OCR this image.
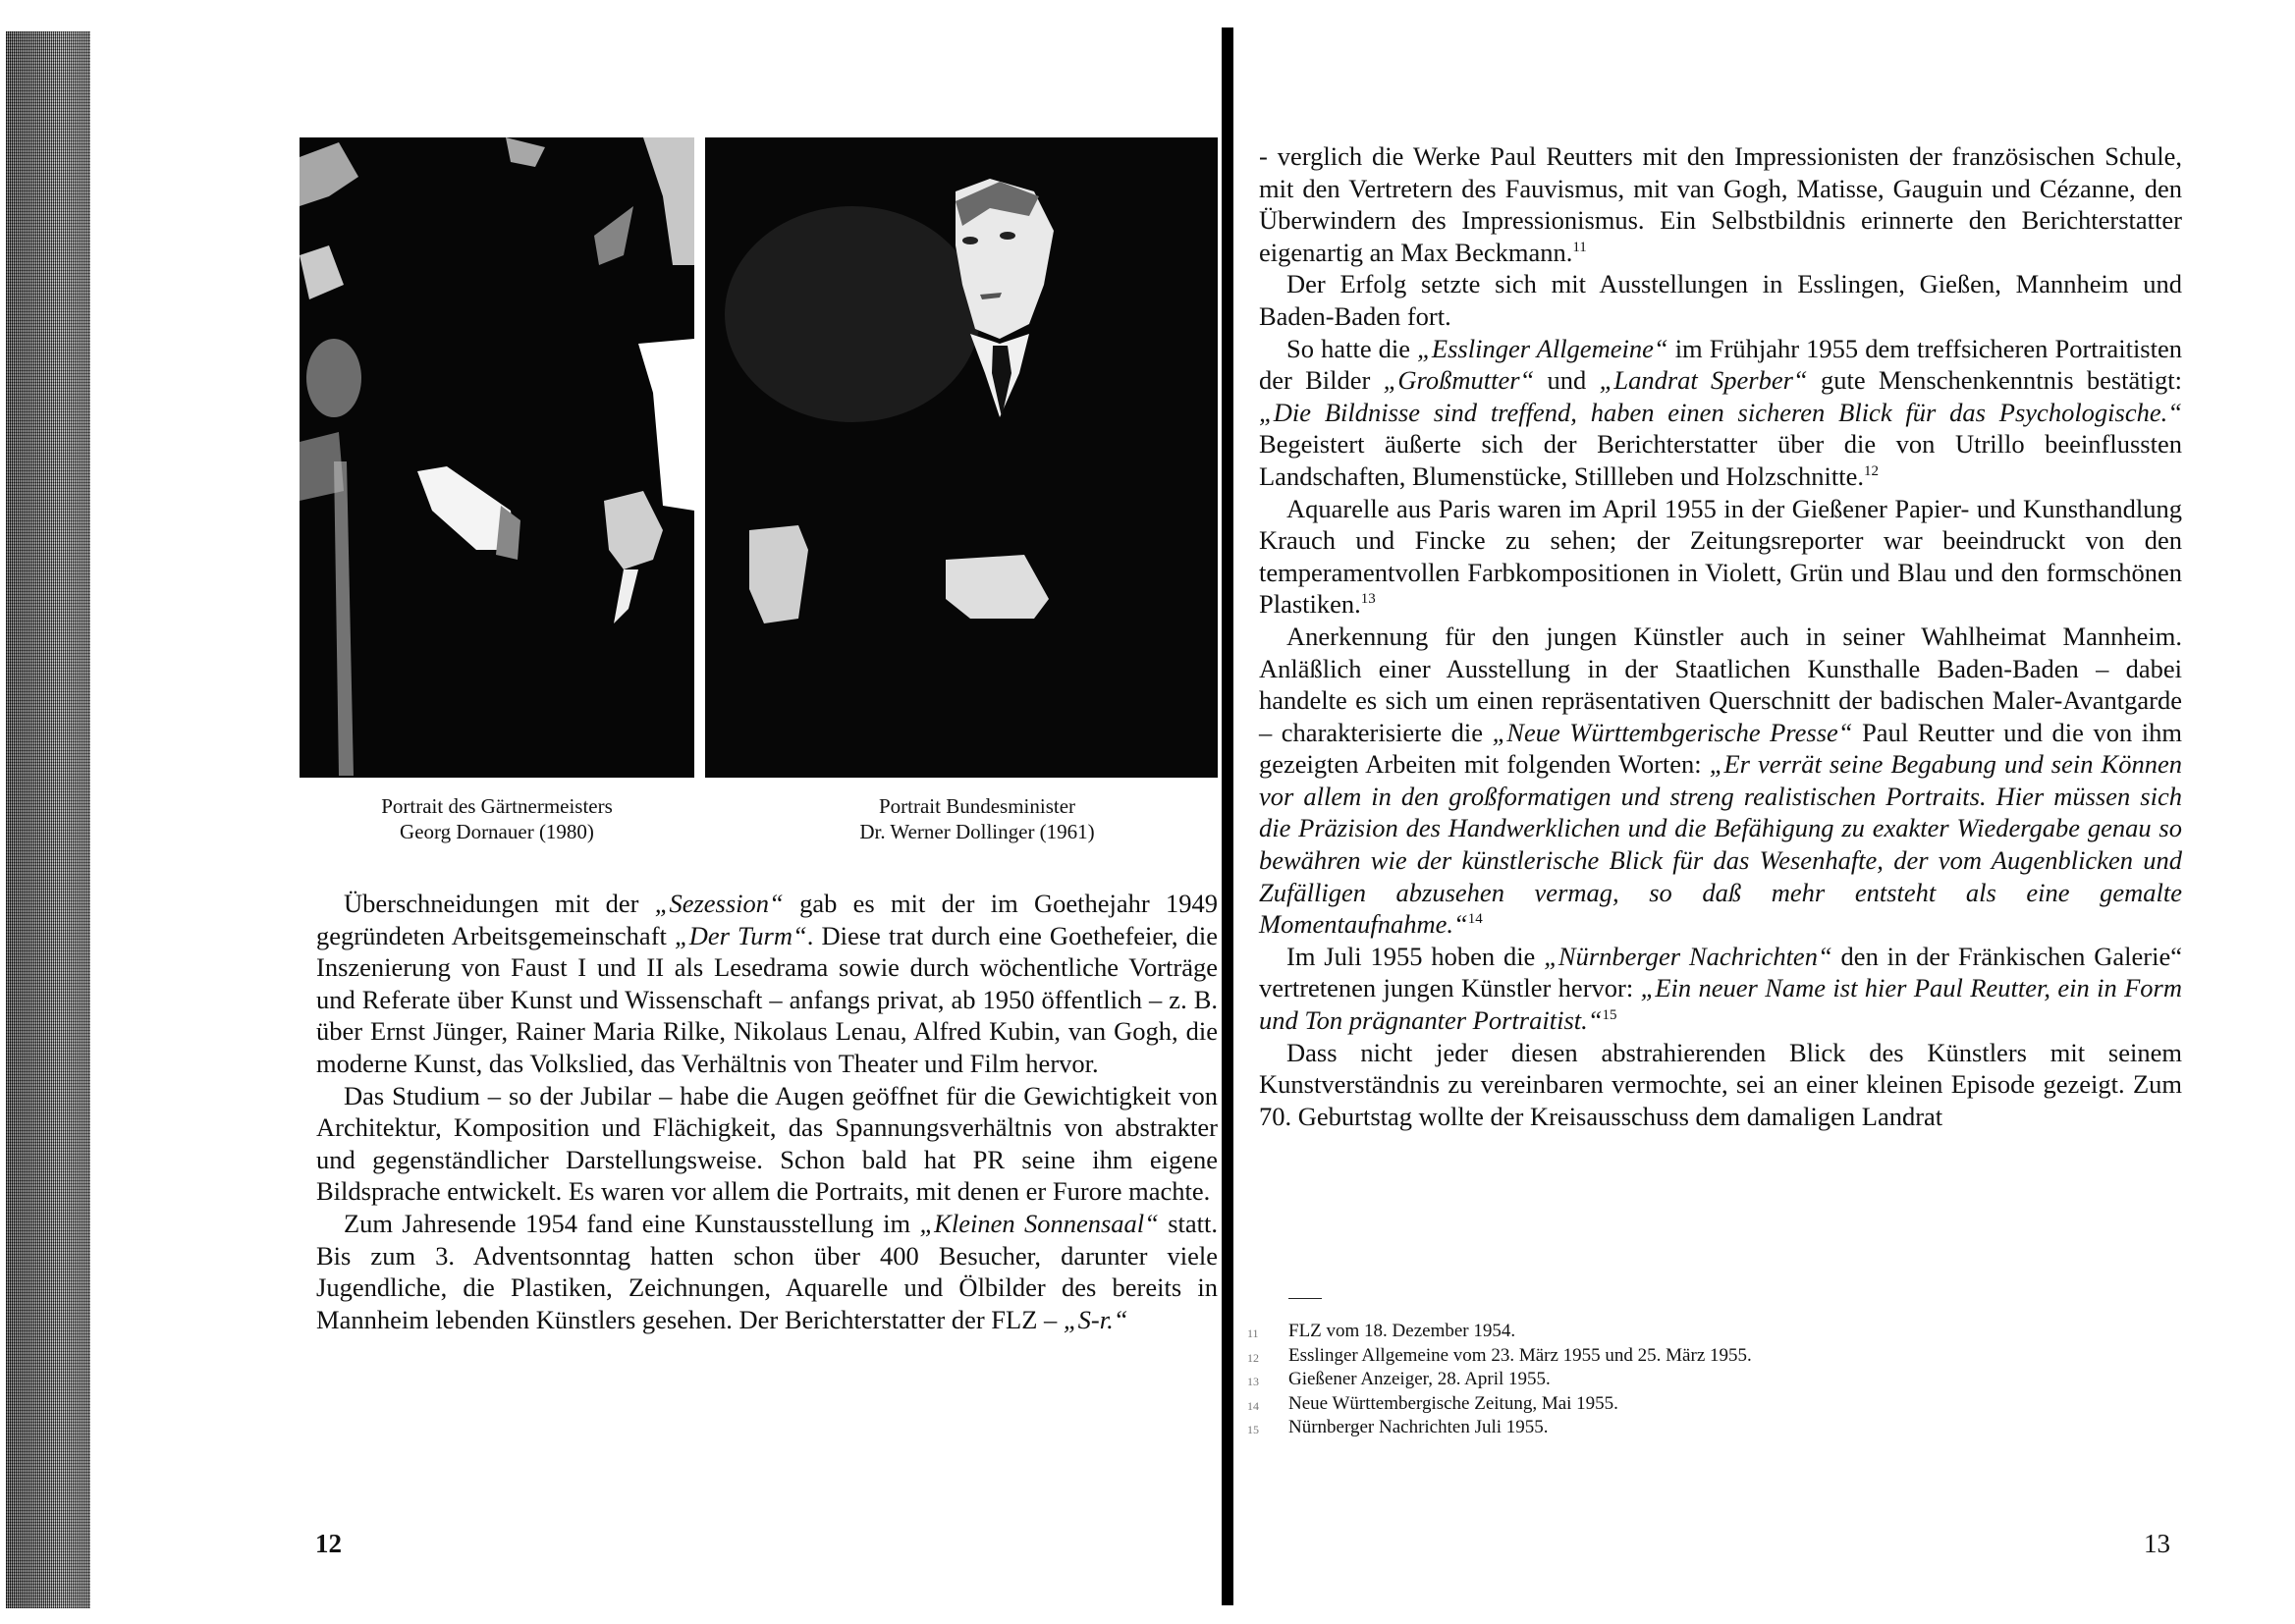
Portrait des Gärtnermeisters
Georg Dornauer (1980)
Portrait Bundesminister
Dr. Werner Dollinger (1961)

Überschneidungen mit der „Sezession“ gab es mit der im Goethejahr 1949 gegründeten Arbeitsgemeinschaft „Der Turm“. Diese trat durch eine Goethefeier, die Inszenierung von Faust I und II als Lesedrama sowie durch wöchentliche Vorträge und Referate über Kunst und Wissenschaft – anfangs privat, ab 1950 öffentlich – z. B. über Ernst Jünger, Rainer Maria Rilke, Nikolaus Lenau, Alfred Kubin, van Gogh, die moderne Kunst, das Volkslied, das Verhältnis von Theater und Film hervor.

Das Studium – so der Jubilar – habe die Augen geöffnet für die Gewichtigkeit von Architektur, Komposition und Flächigkeit, das Spannungsverhältnis von abstrakter und gegenständlicher Darstellungsweise. Schon bald hat PR seine ihm eigene Bildsprache entwickelt. Es waren vor allem die Portraits, mit denen er Furore machte.

Zum Jahresende 1954 fand eine Kunstausstellung im „Kleinen Sonnensaal“ statt. Bis zum 3. Adventsonntag hatten schon über 400 Besucher, darunter viele Jugendliche, die Plastiken, Zeichnungen, Aquarelle und Ölbilder des bereits in Mannheim lebenden Künstlers gesehen. Der Berichterstatter der FLZ – „S-r.“

12

- verglich die Werke Paul Reutters mit den Impressionisten der französischen Schule, mit den Vertretern des Fauvismus, mit van Gogh, Matisse, Gauguin und Cézanne, den Überwindern des Impressionismus. Ein Selbstbildnis erinnerte den Berichterstatter eigenartig an Max Beckmann.$^{11}$

Der Erfolg setzte sich mit Ausstellungen in Esslingen, Gießen, Mannheim und Baden-Baden fort.

So hatte die „Esslinger Allgemeine“ im Frühjahr 1955 dem treffsicheren Portraitisten der Bilder „Großmutter“ und „Landrat Sperber“ gute Menschenkenntnis bestätigt: „Die Bildnisse sind treffend, haben einen sicheren Blick für das Psychologische.“ Begeistert äußerte sich der Berichterstatter über die von Utrillo beeinflussten Landschaften, Blumenstücke, Stillleben und Holzschnitte.$^{12}$

Aquarelle aus Paris waren im April 1955 in der Gießener Papier- und Kunsthandlung Krauch und Fincke zu sehen; der Zeitungsreporter war beeindruckt von den temperamentvollen Farbkompositionen in Violett, Grün und Blau und den formschönen Plastiken.$^{13}$

Anerkennung für den jungen Künstler auch in seiner Wahlheimat Mannheim. Anläßlich einer Ausstellung in der Staatlichen Kunsthalle Baden-Baden – dabei handelte es sich um einen repräsentativen Querschnitt der badischen Maler-Avantgarde – charakterisierte die „Neue Württembgerische Presse“ Paul Reutter und die von ihm gezeigten Arbeiten mit folgenden Worten: „Er verrät seine Begabung und sein Können vor allem in den großformatigen und streng realistischen Portraits. Hier müssen sich die Präzision des Handwerklichen und die Befähigung zu exakter Wiedergabe genau so bewähren wie der künstlerische Blick für das Wesenhafte, der vom Augenblicken und Zufälligen abzusehen vermag, so daß mehr entsteht als eine gemalte Momentaufnahme.“$^{14}$

Im Juli 1955 hoben die „Nürnberger Nachrichten“ den in der Fränkischen Galerie“ vertretenen jungen Künstler hervor: „Ein neuer Name ist hier Paul Reutter, ein in Form und Ton prägnanter Portraitist.“$^{15}$

Dass nicht jeder diesen abstrahierenden Blick des Künstlers mit seinem Kunstverständnis zu vereinbaren vermochte, sei an einer kleinen Episode gezeigt. Zum 70. Geburtstag wollte der Kreisausschuss dem damaligen Landrat

11	FLZ vom 18. Dezember 1954.
12	Esslinger Allgemeine vom 23. März 1955 und 25. März 1955.
13	Gießener Anzeiger, 28. April 1955.
14	Neue Württembergische Zeitung, Mai 1955.
15	Nürnberger Nachrichten Juli 1955.
13
